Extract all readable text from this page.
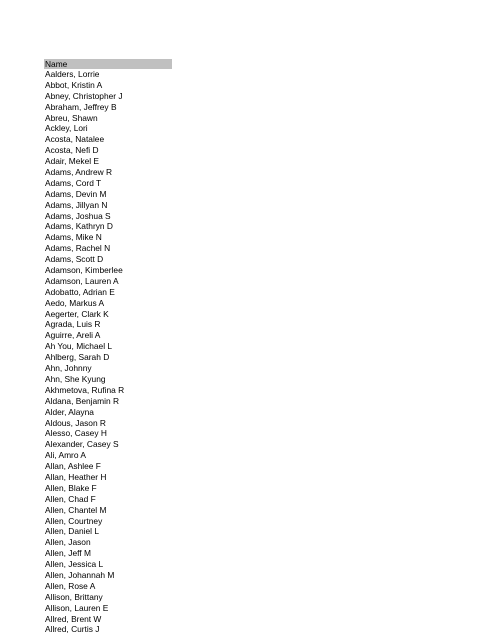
Name
Aalders, Lorrie
Abbot, Kristin A
Abney, Christopher J
Abraham, Jeffrey B
Abreu, Shawn
Ackley, Lori
Acosta, Natalee
Acosta, Nefi D
Adair, Mekel E
Adams, Andrew R
Adams, Cord T
Adams, Devin M
Adams, Jillyan N
Adams, Joshua S
Adams, Kathryn D
Adams, Mike N
Adams, Rachel N
Adams, Scott D
Adamson, Kimberlee
Adamson, Lauren A
Adobatto, Adrian E
Aedo, Markus A
Aegerter, Clark K
Agrada, Luis R
Aguirre, Areli A
Ah You, Michael L
Ahlberg, Sarah D
Ahn, Johnny
Ahn, She Kyung
Akhmetova, Rufina R
Aldana, Benjamin R
Alder, Alayna
Aldous, Jason R
Alesso, Casey H
Alexander, Casey S
Ali, Amro A
Allan, Ashlee F
Allan, Heather H
Allen, Blake F
Allen, Chad F
Allen, Chantel M
Allen, Courtney
Allen, Daniel L
Allen, Jason
Allen, Jeff M
Allen, Jessica L
Allen, Johannah M
Allen, Rose A
Allison, Brittany
Allison, Lauren E
Allred, Brent W
Allred, Curtis J
